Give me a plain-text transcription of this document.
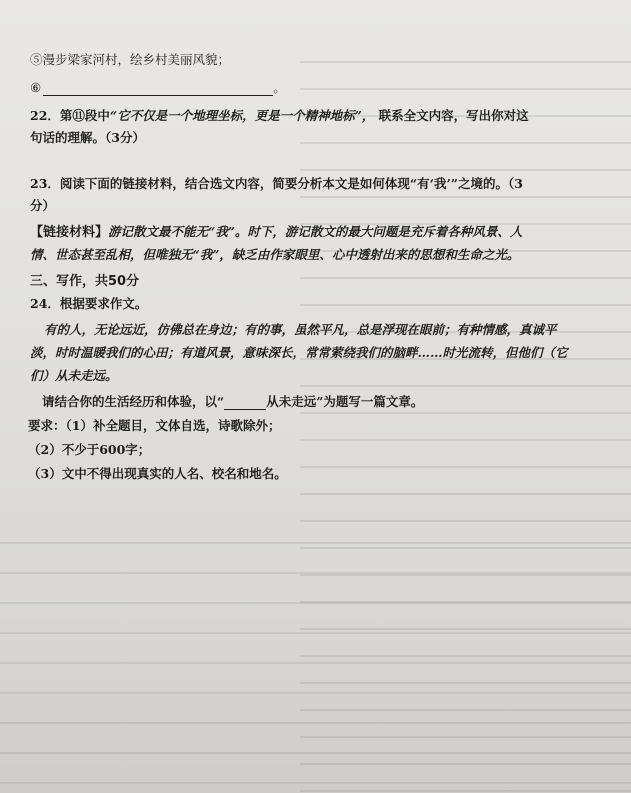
⑤漫步梁家河村，绘乡村美丽风貌；
⑥	。
22．第⑪段中“它不仅是一个地理坐标，更是一个精神地标”， 联系全文内容，写出你对这
句话的理解。（3分）
23．阅读下面的链接材料，结合选文内容，简要分析本文是如何体现“有‘我’”之境的。（3
分）
【链接材料】游记散文最不能无“我”。时下，游记散文的最大问题是充斥着各种风景、人
情、世态甚至乱相，但唯独无“我”，缺乏由作家眼里、心中透射出来的思想和生命之光。
三、写作，共50分
24．根据要求作文。
有的人，无论远近，仿佛总在身边；有的事，虽然平凡，总是浮现在眼前；有种情感，真诚平
淡，时时温暖我们的心田；有道风景，意味深长，常常萦绕我们的脑畔……时光流转，但他们（它
们）从未走远。
请结合你的生活经历和体验，以“	从未走远”为题写一篇文章。
要求：（1）补全题目，文体自选，诗歌除外；
（2）不少于600字；
（3）文中不得出现真实的人名、校名和地名。
